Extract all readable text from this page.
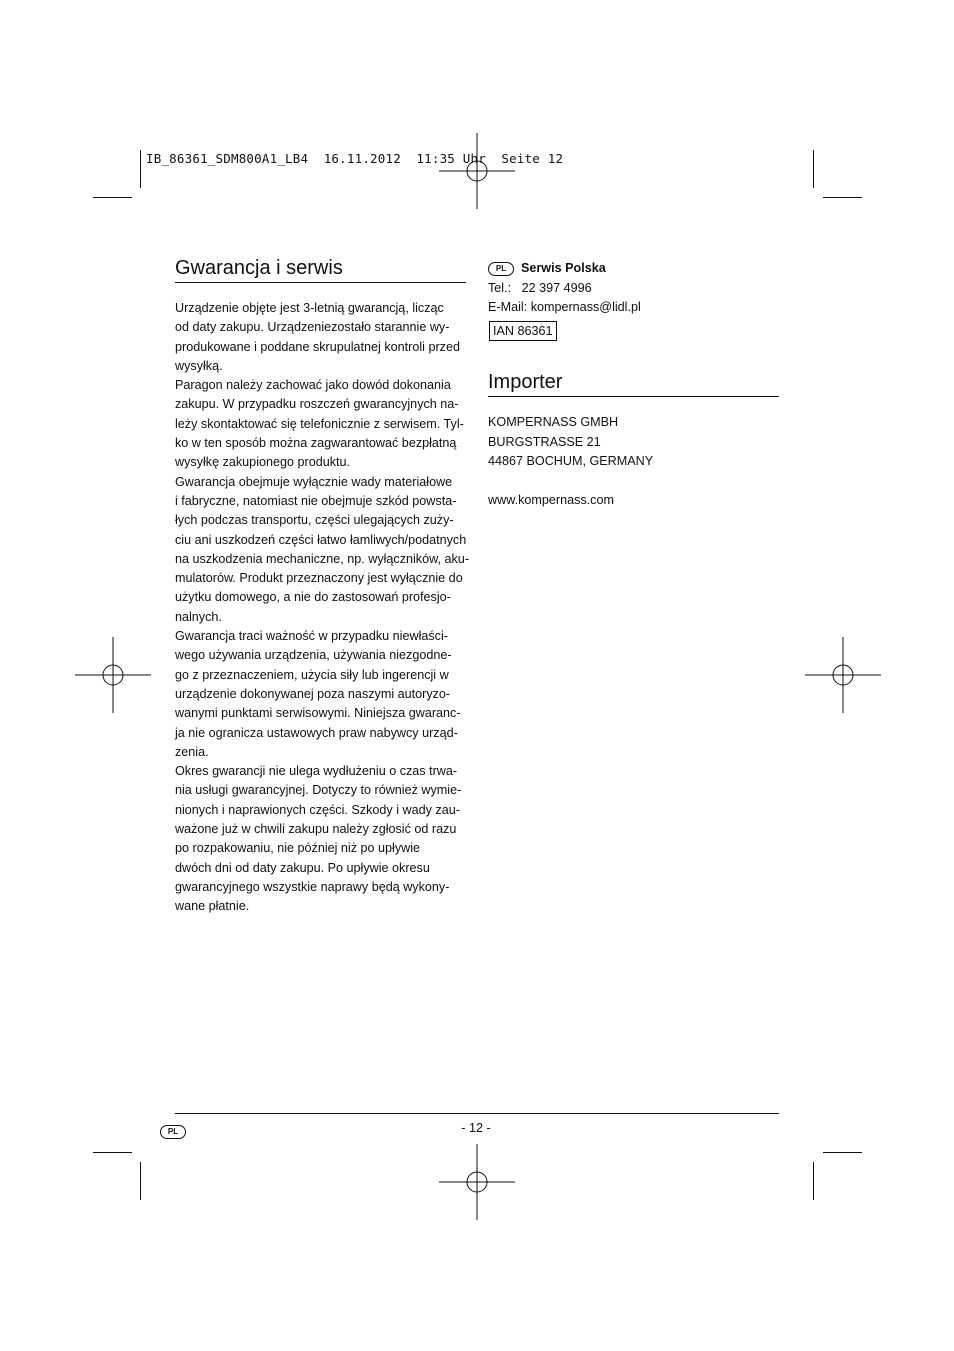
IB_86361_SDM800A1_LB4  16.11.2012  11:35 Uhr  Seite 12
Gwarancja i serwis

Urządzenie objęte jest 3-letnią gwarancją, licząc
od daty zakupu. Urządzeniezostało starannie wy-
produkowane i poddane skrupulatnej kontroli przed
wysyłką.

Paragon należy zachować jako dowód dokonania
zakupu. W przypadku roszczeń gwarancyjnych na-
leży skontaktować się telefonicznie z serwisem. Tyl-
ko w ten sposób można zagwarantować bezpłatną
wysyłkę zakupionego produktu.

Gwarancja obejmuje wyłącznie wady materiałowe
i fabryczne, natomiast nie obejmuje szkód powsta-
łych podczas transportu, części ulegających zuży-
ciu ani uszkodzeń części łatwo łamliwych/podatnych
na uszkodzenia mechaniczne, np. wyłączników, aku-
mulatorów. Produkt przeznaczony jest wyłącznie do
użytku domowego, a nie do zastosowań profesjo-
nalnych.

Gwarancja traci ważność w przypadku niewłaści-
wego używania urządzenia, używania niezgodne-
go z przeznaczeniem, użycia siły lub ingerencji w
urządzenie dokonywanej poza naszymi autoryzo-
wanymi punktami serwisowymi. Niniejsza gwaranc-
ja nie ogranicza ustawowych praw nabywcy urząd-
zenia.

Okres gwarancji nie ulega wydłużeniu o czas trwa-
nia usługi gwarancyjnej. Dotyczy to również wymie-
nionych i naprawionych części. Szkody i wady zau-
ważone już w chwili zakupu należy zgłosić od razu
po rozpakowaniu, nie później niż po upływie
dwóch dni od daty zakupu. Po upływie okresu
gwarancyjnego wszystkie naprawy będą wykony-
wane płatnie.

PL Serwis Polska
Tel.: 22 397 4996
E-Mail: kompernass@lidl.pl
IAN 86361
Importer
KOMPERNASS GMBH
BURGSTRASSE 21
44867 BOCHUM, GERMANY
www.kompernass.com
PL	- 12 -
